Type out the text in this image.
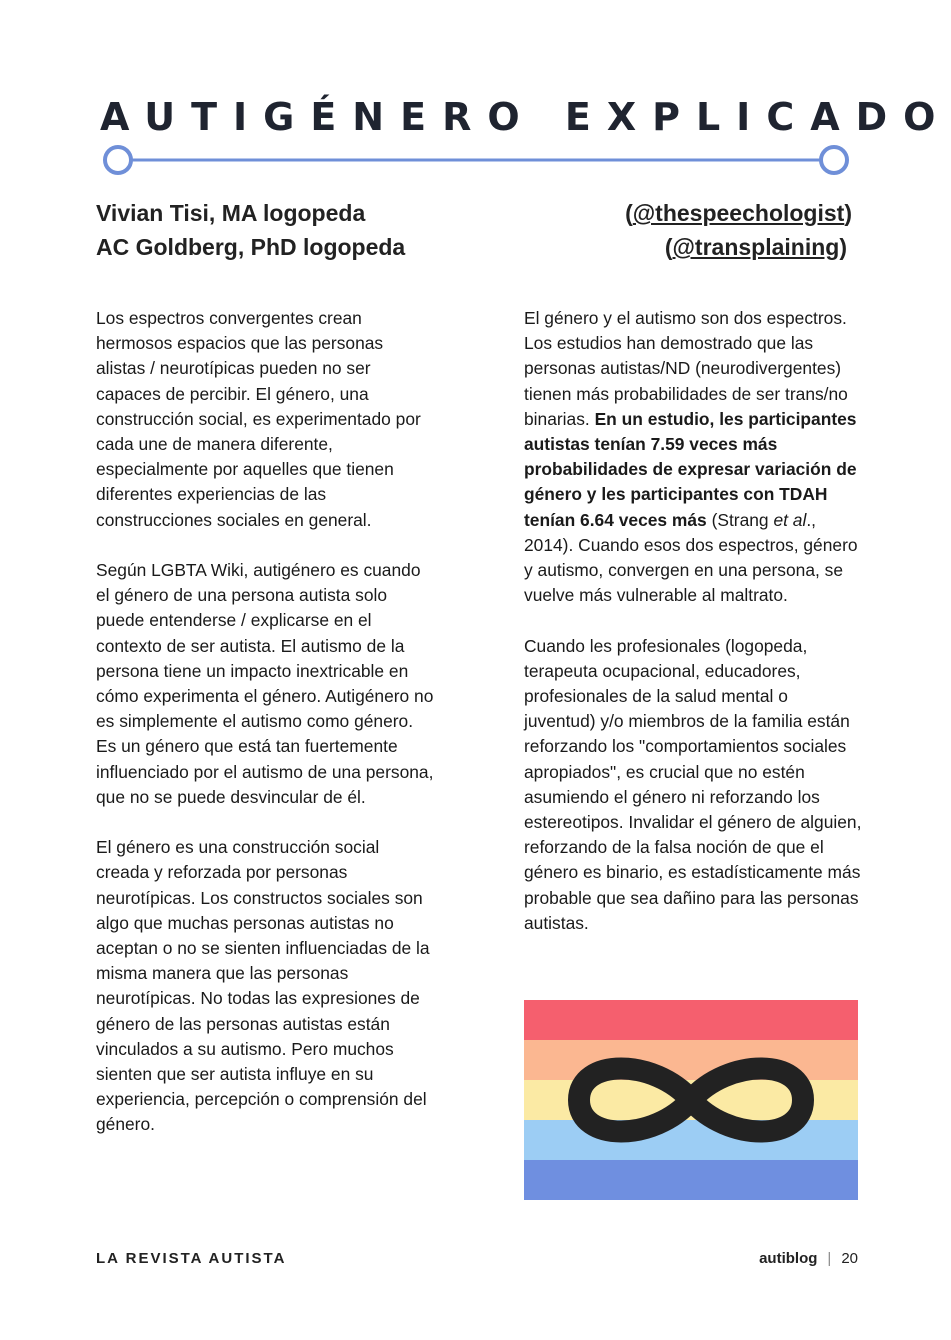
AUTIGÉNERO EXPLICADO
Vivian Tisi, MA logopeda
AC Goldberg, PhD logopeda
(@thespeechologist)
(@transplaining)

Los espectros convergentes crean hermosos espacios que las personas alistas / neurotípicas pueden no ser capaces de percibir. El género, una construcción social, es experimentado por cada une de manera diferente, especialmente por aquelles que tienen diferentes experiencias de las construcciones sociales en general.

Según LGBTA Wiki, autigénero es cuando el género de una persona autista solo puede entenderse / explicarse en el contexto de ser autista. El autismo de la persona tiene un impacto inextricable en cómo experimenta el género. Autigénero no es simplemente el autismo como género. Es un género que está tan fuertemente influenciado por el autismo de una persona, que no se puede desvincular de él.

El género es una construcción social creada y reforzada por personas neurotípicas. Los constructos sociales son algo que muchas personas autistas no aceptan o no se sienten influenciadas de la misma manera que las personas neurotípicas. No todas las expresiones de género de las personas autistas están vinculados a su autismo. Pero muchos sienten que ser autista influye en su experiencia, percepción o comprensión del género.

El género y el autismo son dos espectros. Los estudios han demostrado que las personas autistas/ND (neurodivergentes) tienen más probabilidades de ser trans/no binarias. En un estudio, les participantes autistas tenían 7.59 veces más probabilidades de expresar variación de género y les participantes con TDAH tenían 6.64 veces más (Strang et al., 2014). Cuando esos dos espectros, género y autismo, convergen en una persona, se vuelve más vulnerable al maltrato.

Cuando les profesionales (logopeda, terapeuta ocupacional, educadores, profesionales de la salud mental o juventud) y/o miembros de la familia están reforzando los "comportamientos sociales apropiados", es crucial que no estén asumiendo el género ni reforzando los estereotipos. Invalidar el género de alguien, reforzando de la falsa noción de que el género es binario, es estadísticamente más probable que sea dañino para las personas autistas.

LA REVISTA AUTISTA	autiblog | 20
